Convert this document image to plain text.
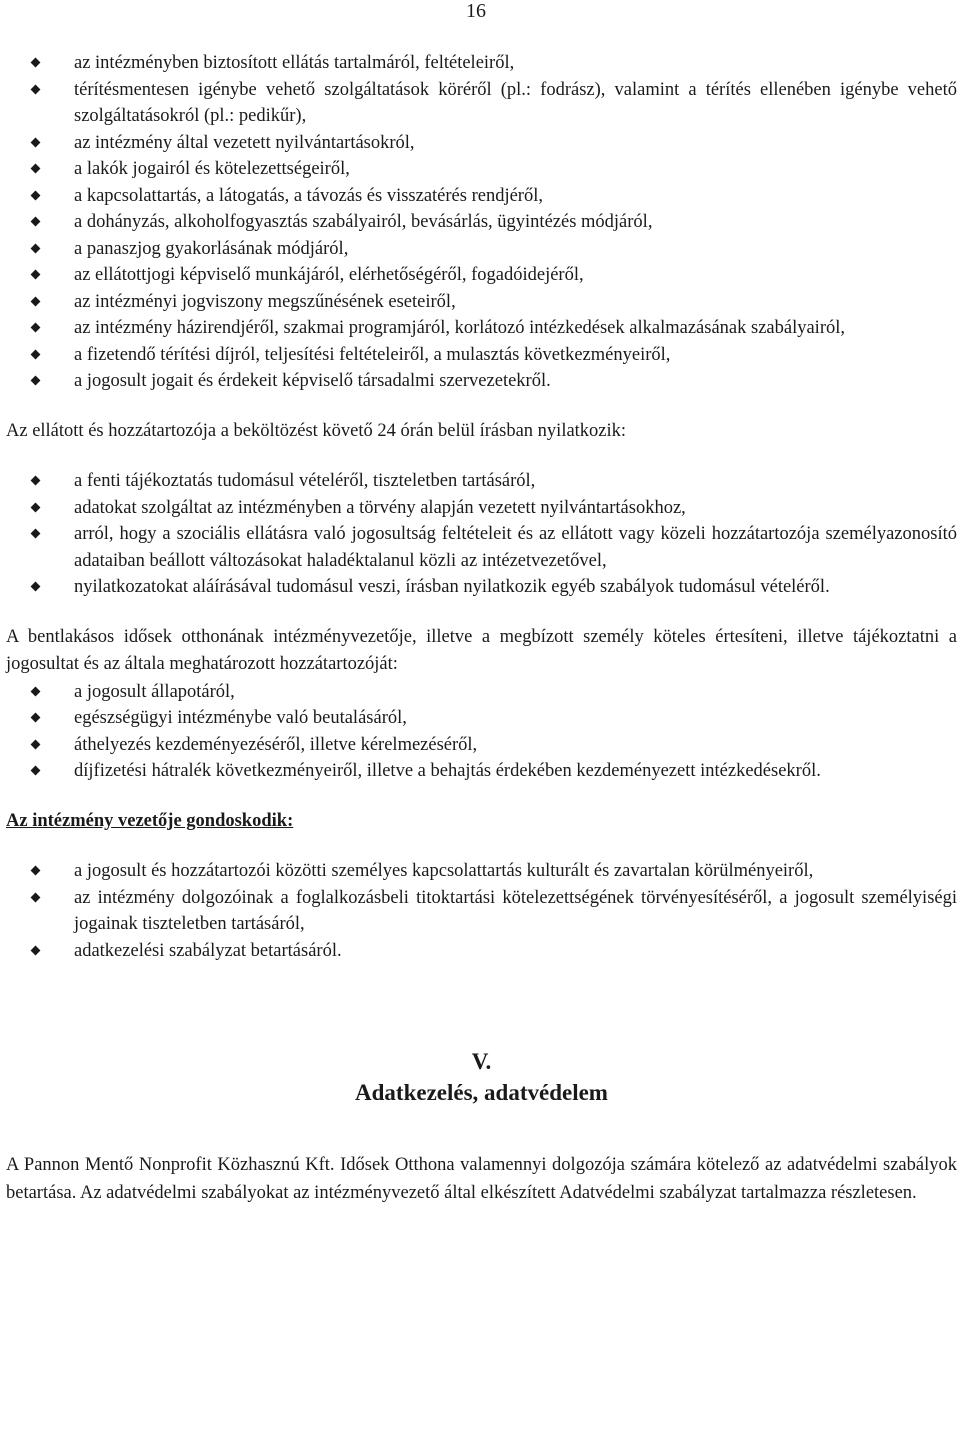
16
az intézményben biztosított ellátás tartalmáról, feltételeiről,
térítésmentesen igénybe vehető szolgáltatások köréről (pl.: fodrász), valamint a térítés ellenében igénybe vehető szolgáltatásokról (pl.: pedikűr),
az intézmény által vezetett nyilvántartásokról,
a lakók jogairól és kötelezettségeiről,
a kapcsolattartás, a látogatás, a távozás és visszatérés rendjéről,
a dohányzás, alkoholfogyasztás szabályairól, bevásárlás, ügyintézés módjáról,
a panaszjog gyakorlásának módjáról,
az ellátottjogi képviselő munkájáról, elérhetőségéről, fogadóidejéről,
az intézményi jogviszony megszűnésének eseteiről,
az intézmény házirendjéről, szakmai programjáról, korlátozó intézkedések alkalmazásának szabályairól,
a fizetendő térítési díjról, teljesítési feltételeiről, a mulasztás következményeiről,
a jogosult jogait és érdekeit képviselő társadalmi szervezetekről.

Az ellátott és hozzátartozója a beköltözést követő 24 órán belül írásban nyilatkozik:

a fenti tájékoztatás tudomásul vételéről, tiszteletben tartásáról,
adatokat szolgáltat az intézményben a törvény alapján vezetett nyilvántartásokhoz,
arról, hogy a szociális ellátásra való jogosultság feltételeit és az ellátott vagy közeli hozzátartozója személyazonosító adataiban beállott változásokat haladéktalanul közli az intézetvezetővel,
nyilatkozatokat aláírásával tudomásul veszi, írásban nyilatkozik egyéb szabályok tudomásul vételéről.

A bentlakásos idősek otthonának intézményvezetője, illetve a megbízott személy köteles értesíteni, illetve tájékoztatni a jogosultat és az általa meghatározott hozzátartozóját:

a jogosult állapotáról,
egészségügyi intézménybe való beutalásáról,
áthelyezés kezdeményezéséről, illetve kérelmezéséről,
díjfizetési hátralék következményeiről, illetve a behajtás érdekében kezdeményezett intézkedésekről.

Az intézmény vezetője gondoskodik:

a jogosult és hozzátartozói közötti személyes kapcsolattartás kulturált és zavartalan körülményeiről,
az intézmény dolgozóinak a foglalkozásbeli titoktartási kötelezettségének törvényesítéséről, a jogosult személyiségi jogainak tiszteletben tartásáról,
adatkezelési szabályzat betartásáról.
V.
Adatkezelés, adatvédelem

A Pannon Mentő Nonprofit Közhasznú Kft. Idősek Otthona valamennyi dolgozója számára kötelező az adatvédelmi szabályok betartása. Az adatvédelmi szabályokat az intézményvezető által elkészített Adatvédelmi szabályzat tartalmazza részletesen.
